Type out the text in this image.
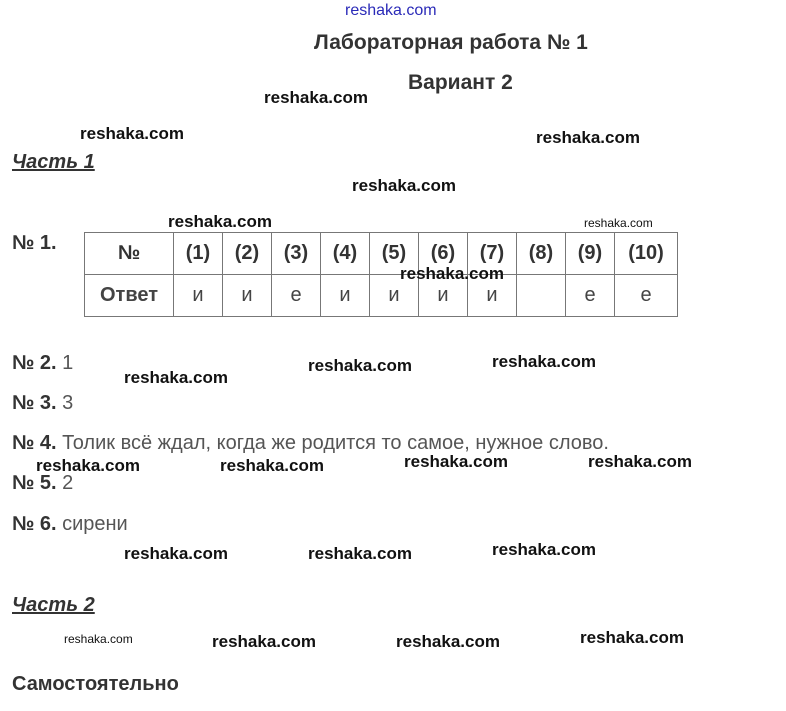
reshaka.com
Лабораторная работа № 1
Вариант 2
Часть 1
reshaka.com
reshaka.com	reshaka.com
reshaka.com
reshaka.com	reshaka.com
№ 1.	№	(1)	(2)	(3)	(4)	(5)	(6)	(7)	(8)	(9)	(10)
Ответ	и	и	е	и	и	и	и		е	е
reshaka.com
№ 2. 1
reshaka.com
reshaka.com	reshaka.com
№ 3. 3
№ 4. Толик всё ждал, когда же родится то самое, нужное слово.
reshaka.com	reshaka.com	reshaka.com	reshaka.com
№ 5. 2
№ 6. сирени
reshaka.com	reshaka.com	reshaka.com
Часть 2
reshaka.com	reshaka.com	reshaka.com	reshaka.com
Самостоятельно
